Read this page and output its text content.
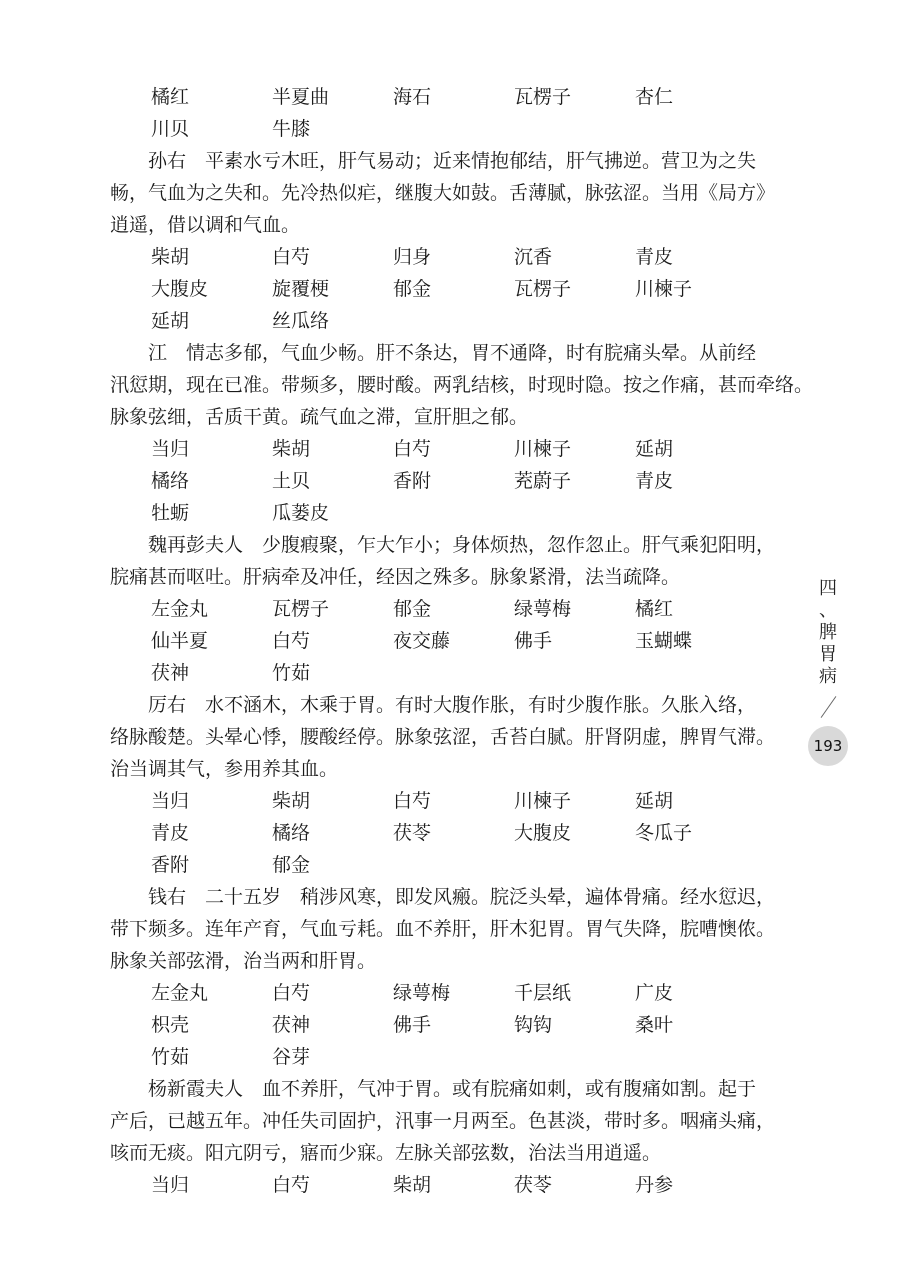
橘红	半夏曲	海石	瓦楞子	杏仁
川贝	牛膝

孙右　平素水亏木旺，肝气易动；近来情抱郁结，肝气拂逆。营卫为之失
畅，气血为之失和。先冷热似疟，继腹大如鼓。舌薄腻，脉弦涩。当用《局方》
逍遥，借以调和气血。

柴胡	白芍	归身	沉香	青皮
大腹皮	旋覆梗	郁金	瓦楞子	川楝子
延胡	丝瓜络

江　情志多郁，气血少畅。肝不条达，胃不通降，时有脘痛头晕。从前经
汛愆期，现在已准。带频多，腰时酸。两乳结核，时现时隐。按之作痛，甚而牵络。
脉象弦细，舌质干黄。疏气血之滞，宣肝胆之郁。

当归	柴胡	白芍	川楝子	延胡
橘络	土贝	香附	茺蔚子	青皮
牡蛎	瓜蒌皮

魏再彭夫人　少腹瘕聚，乍大乍小；身体烦热，忽作忽止。肝气乘犯阳明，
脘痛甚而呕吐。肝病牵及冲任，经因之殊多。脉象紧滑，法当疏降。

左金丸	瓦楞子	郁金	绿萼梅	橘红
仙半夏	白芍	夜交藤	佛手	玉蝴蝶
茯神	竹茹

厉右　水不涵木，木乘于胃。有时大腹作胀，有时少腹作胀。久胀入络，
络脉酸楚。头晕心悸，腰酸经停。脉象弦涩，舌苔白腻。肝肾阴虚，脾胃气滞。
治当调其气，参用养其血。

当归	柴胡	白芍	川楝子	延胡
青皮	橘络	茯苓	大腹皮	冬瓜子
香附	郁金

钱右　二十五岁　稍涉风寒，即发风瘢。脘泛头晕，遍体骨痛。经水愆迟，
带下频多。连年产育，气血亏耗。血不养肝，肝木犯胃。胃气失降，脘嘈懊侬。
脉象关部弦滑，治当两和肝胃。

左金丸	白芍	绿萼梅	千层纸	广皮
枳壳	茯神	佛手	钩钩	桑叶
竹茹	谷芽

杨新霞夫人　血不养肝，气冲于胃。或有脘痛如刺，或有腹痛如割。起于
产后，已越五年。冲任失司固护，汛事一月两至。色甚淡，带时多。咽痛头痛，
咳而无痰。阳亢阴亏，寤而少寐。左脉关部弦数，治法当用逍遥。

当归	白芍	柴胡	茯苓	丹参
四
、
脾
胃
病
193
